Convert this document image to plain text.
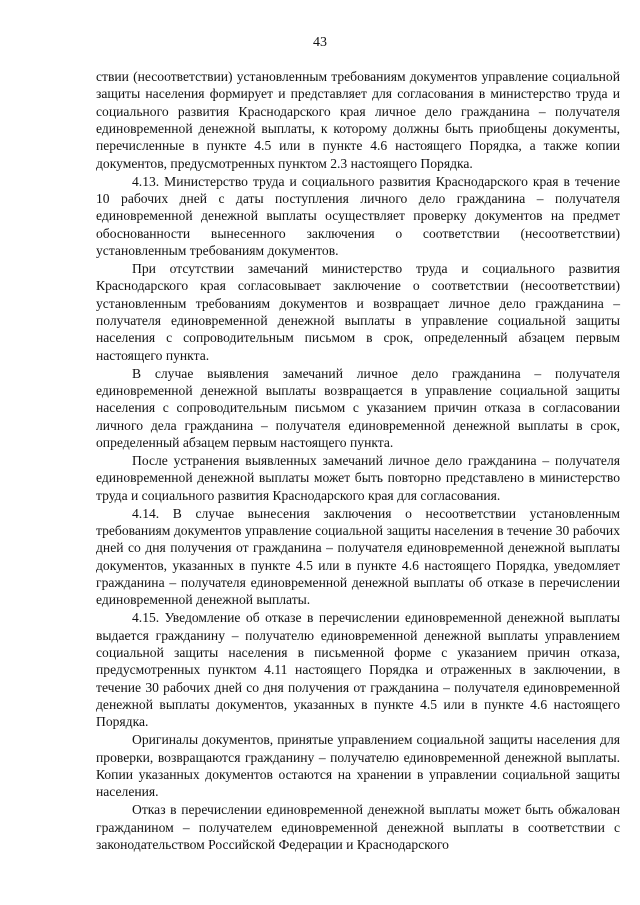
43

ствии (несоответствии) установленным требованиям документов управление социальной защиты населения формирует и представляет для согласования в министерство труда и социального развития Краснодарского края личное дело гражданина – получателя единовременной денежной выплаты, к которому должны быть приобщены документы, перечисленные в пункте 4.5 или в пункте 4.6 настоящего Порядка, а также копии документов, предусмотренных пунктом 2.3 настоящего Порядка.

4.13. Министерство труда и социального развития Краснодарского края в течение 10 рабочих дней с даты поступления личного дело гражданина – получателя единовременной денежной выплаты осуществляет проверку документов на предмет обоснованности вынесенного заключения о соответствии (несоответствии) установленным требованиям документов.

При отсутствии замечаний министерство труда и социального развития Краснодарского края согласовывает заключение о соответствии (несоответствии) установленным требованиям документов и возвращает личное дело гражданина – получателя единовременной денежной выплаты в управление социальной защиты населения с сопроводительным письмом в срок, определенный абзацем первым настоящего пункта.

В случае выявления замечаний личное дело гражданина – получателя единовременной денежной выплаты возвращается в управление социальной защиты населения с сопроводительным письмом с указанием причин отказа в согласовании личного дела гражданина – получателя единовременной денежной выплаты в срок, определенный абзацем первым настоящего пункта.

После устранения выявленных замечаний личное дело гражданина – получателя единовременной денежной выплаты может быть повторно представлено в министерство труда и социального развития Краснодарского края для согласования.

4.14. В случае вынесения заключения о несоответствии установленным требованиям документов управление социальной защиты населения в течение 30 рабочих дней со дня получения от гражданина – получателя единовременной денежной выплаты документов, указанных в пункте 4.5 или в пункте 4.6 настоящего Порядка, уведомляет гражданина – получателя единовременной денежной выплаты об отказе в перечислении единовременной денежной выплаты.

4.15. Уведомление об отказе в перечислении единовременной денежной выплаты выдается гражданину – получателю единовременной денежной выплаты управлением социальной защиты населения в письменной форме с указанием причин отказа, предусмотренных пунктом 4.11 настоящего Порядка и отраженных в заключении, в течение 30 рабочих дней со дня получения от гражданина – получателя единовременной денежной выплаты документов, указанных в пункте 4.5 или в пункте 4.6 настоящего Порядка.

Оригиналы документов, принятые управлением социальной защиты населения для проверки, возвращаются гражданину – получателю единовременной денежной выплаты. Копии указанных документов остаются на хранении в управлении социальной защиты населения.

Отказ в перечислении единовременной денежной выплаты может быть обжалован гражданином – получателем единовременной денежной выплаты в соответствии с законодательством Российской Федерации и Краснодарского
